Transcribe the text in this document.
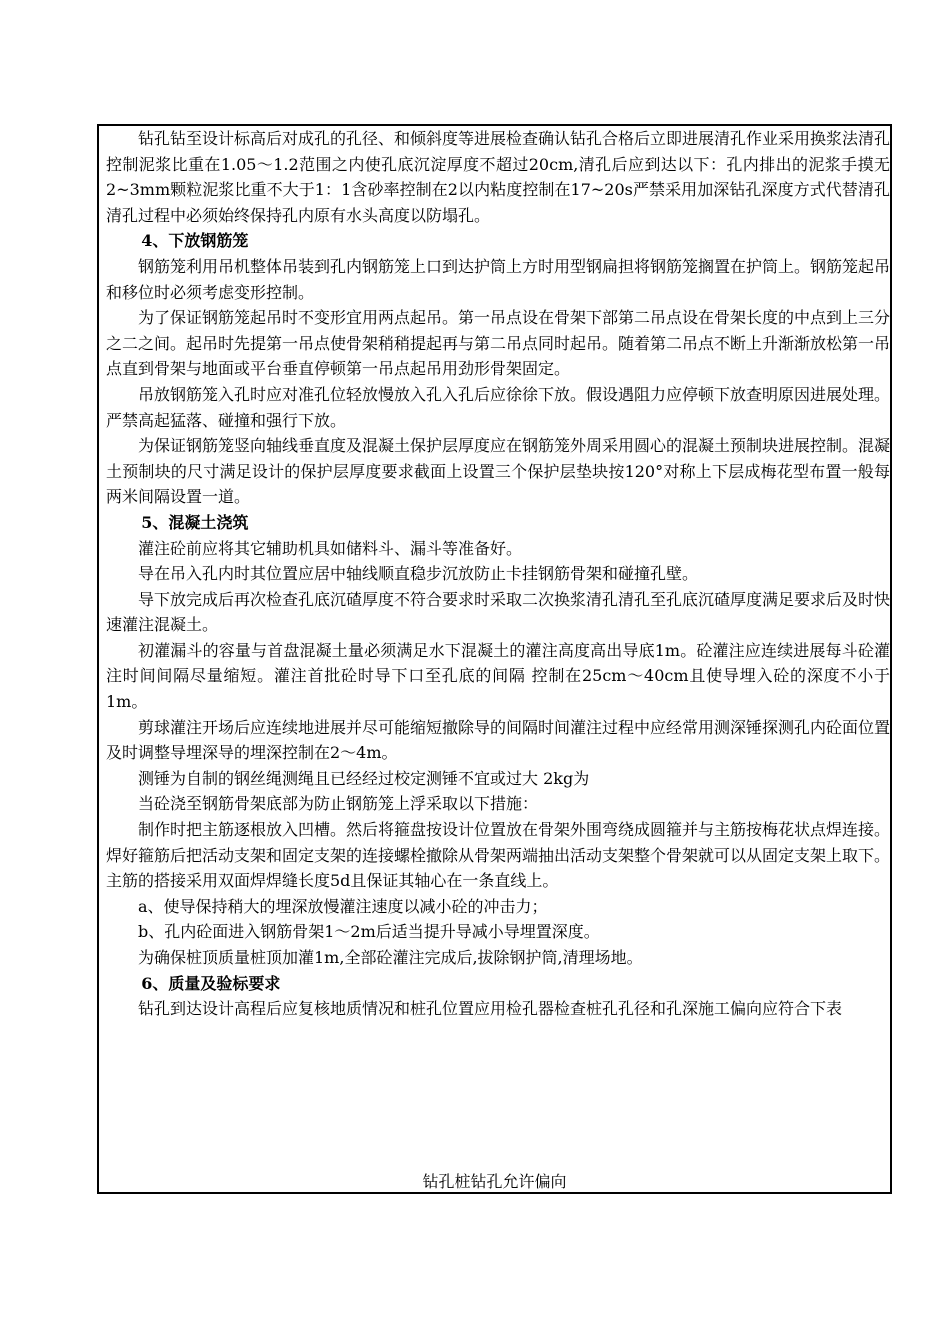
钻孔钻至设计标高后对成孔的孔径、和倾斜度等进展检查确认钻孔合格后立即进展清孔作业采用换浆法清孔控制泥浆比重在1.05～1.2范围之内使孔底沉淀厚度不超过20cm,清孔后应到达以下：孔内排出的泥浆手摸无2~3mm颗粒泥浆比重不大于1：1含砂率控制在2以内粘度控制在17~20s严禁采用加深钻孔深度方式代替清孔清孔过程中必须始终保持孔内原有水头高度以防塌孔。

4、下放钢筋笼

钢筋笼利用吊机整体吊装到孔内钢筋笼上口到达护筒上方时用型钢扁担将钢筋笼搁置在护筒上。钢筋笼起吊和移位时必须考虑变形控制。

为了保证钢筋笼起吊时不变形宜用两点起吊。第一吊点设在骨架下部第二吊点设在骨架长度的中点到上三分之二之间。起吊时先提第一吊点使骨架稍稍提起再与第二吊点同时起吊。随着第二吊点不断上升渐渐放松第一吊点直到骨架与地面或平台垂直停顿第一吊点起吊用劲形骨架固定。

吊放钢筋笼入孔时应对准孔位轻放慢放入孔入孔后应徐徐下放。假设遇阻力应停顿下放查明原因进展处理。严禁高起猛落、碰撞和强行下放。

为保证钢筋笼竖向轴线垂直度及混凝土保护层厚度应在钢筋笼外周采用圆心的混凝土预制块进展控制。混凝土预制块的尺寸满足设计的保护层厚度要求截面上设置三个保护层垫块按120°对称上下层成梅花型布置一般每两米间隔设置一道。

5、混凝土浇筑

灌注砼前应将其它辅助机具如储料斗、漏斗等准备好。

导在吊入孔内时其位置应居中轴线顺直稳步沉放防止卡挂钢筋骨架和碰撞孔壁。

导下放完成后再次检查孔底沉碴厚度不符合要求时采取二次换浆清孔清孔至孔底沉碴厚度满足要求后及时快速灌注混凝土。

初灌漏斗的容量与首盘混凝土量必须满足水下混凝土的灌注高度高出导底1m。砼灌注应连续进展每斗砼灌注时间间隔尽量缩短。灌注首批砼时导下口至孔底的间隔 控制在25cm～40cm且使导埋入砼的深度不小于1m。

剪球灌注开场后应连续地进展并尽可能缩短撤除导的间隔时间灌注过程中应经常用测深锤探测孔内砼面位置及时调整导埋深导的埋深控制在2～4m。

测锤为自制的钢丝绳测绳且已经经过校定测锤不宜或过大 2kg为

当砼浇至钢筋骨架底部为防止钢筋笼上浮采取以下措施：

制作时把主筋逐根放入凹槽。然后将箍盘按设计位置放在骨架外围弯绕成圆箍并与主筋按梅花状点焊连接。焊好箍筋后把活动支架和固定支架的连接螺栓撤除从骨架两端抽出活动支架整个骨架就可以从固定支架上取下。主筋的搭接采用双面焊焊缝长度5d且保证其轴心在一条直线上。

a、使导保持稍大的埋深放慢灌注速度以减小砼的冲击力；

b、孔内砼面进入钢筋骨架1～2m后适当提升导减小导埋置深度。

为确保桩顶质量桩顶加灌1m,全部砼灌注完成后,拔除钢护筒,清理场地。

6、质量及验标要求

钻孔到达设计高程后应复核地质情况和桩孔位置应用检孔器检查桩孔孔径和孔深施工偏向应符合下表

钻孔桩钻孔允许偏向
